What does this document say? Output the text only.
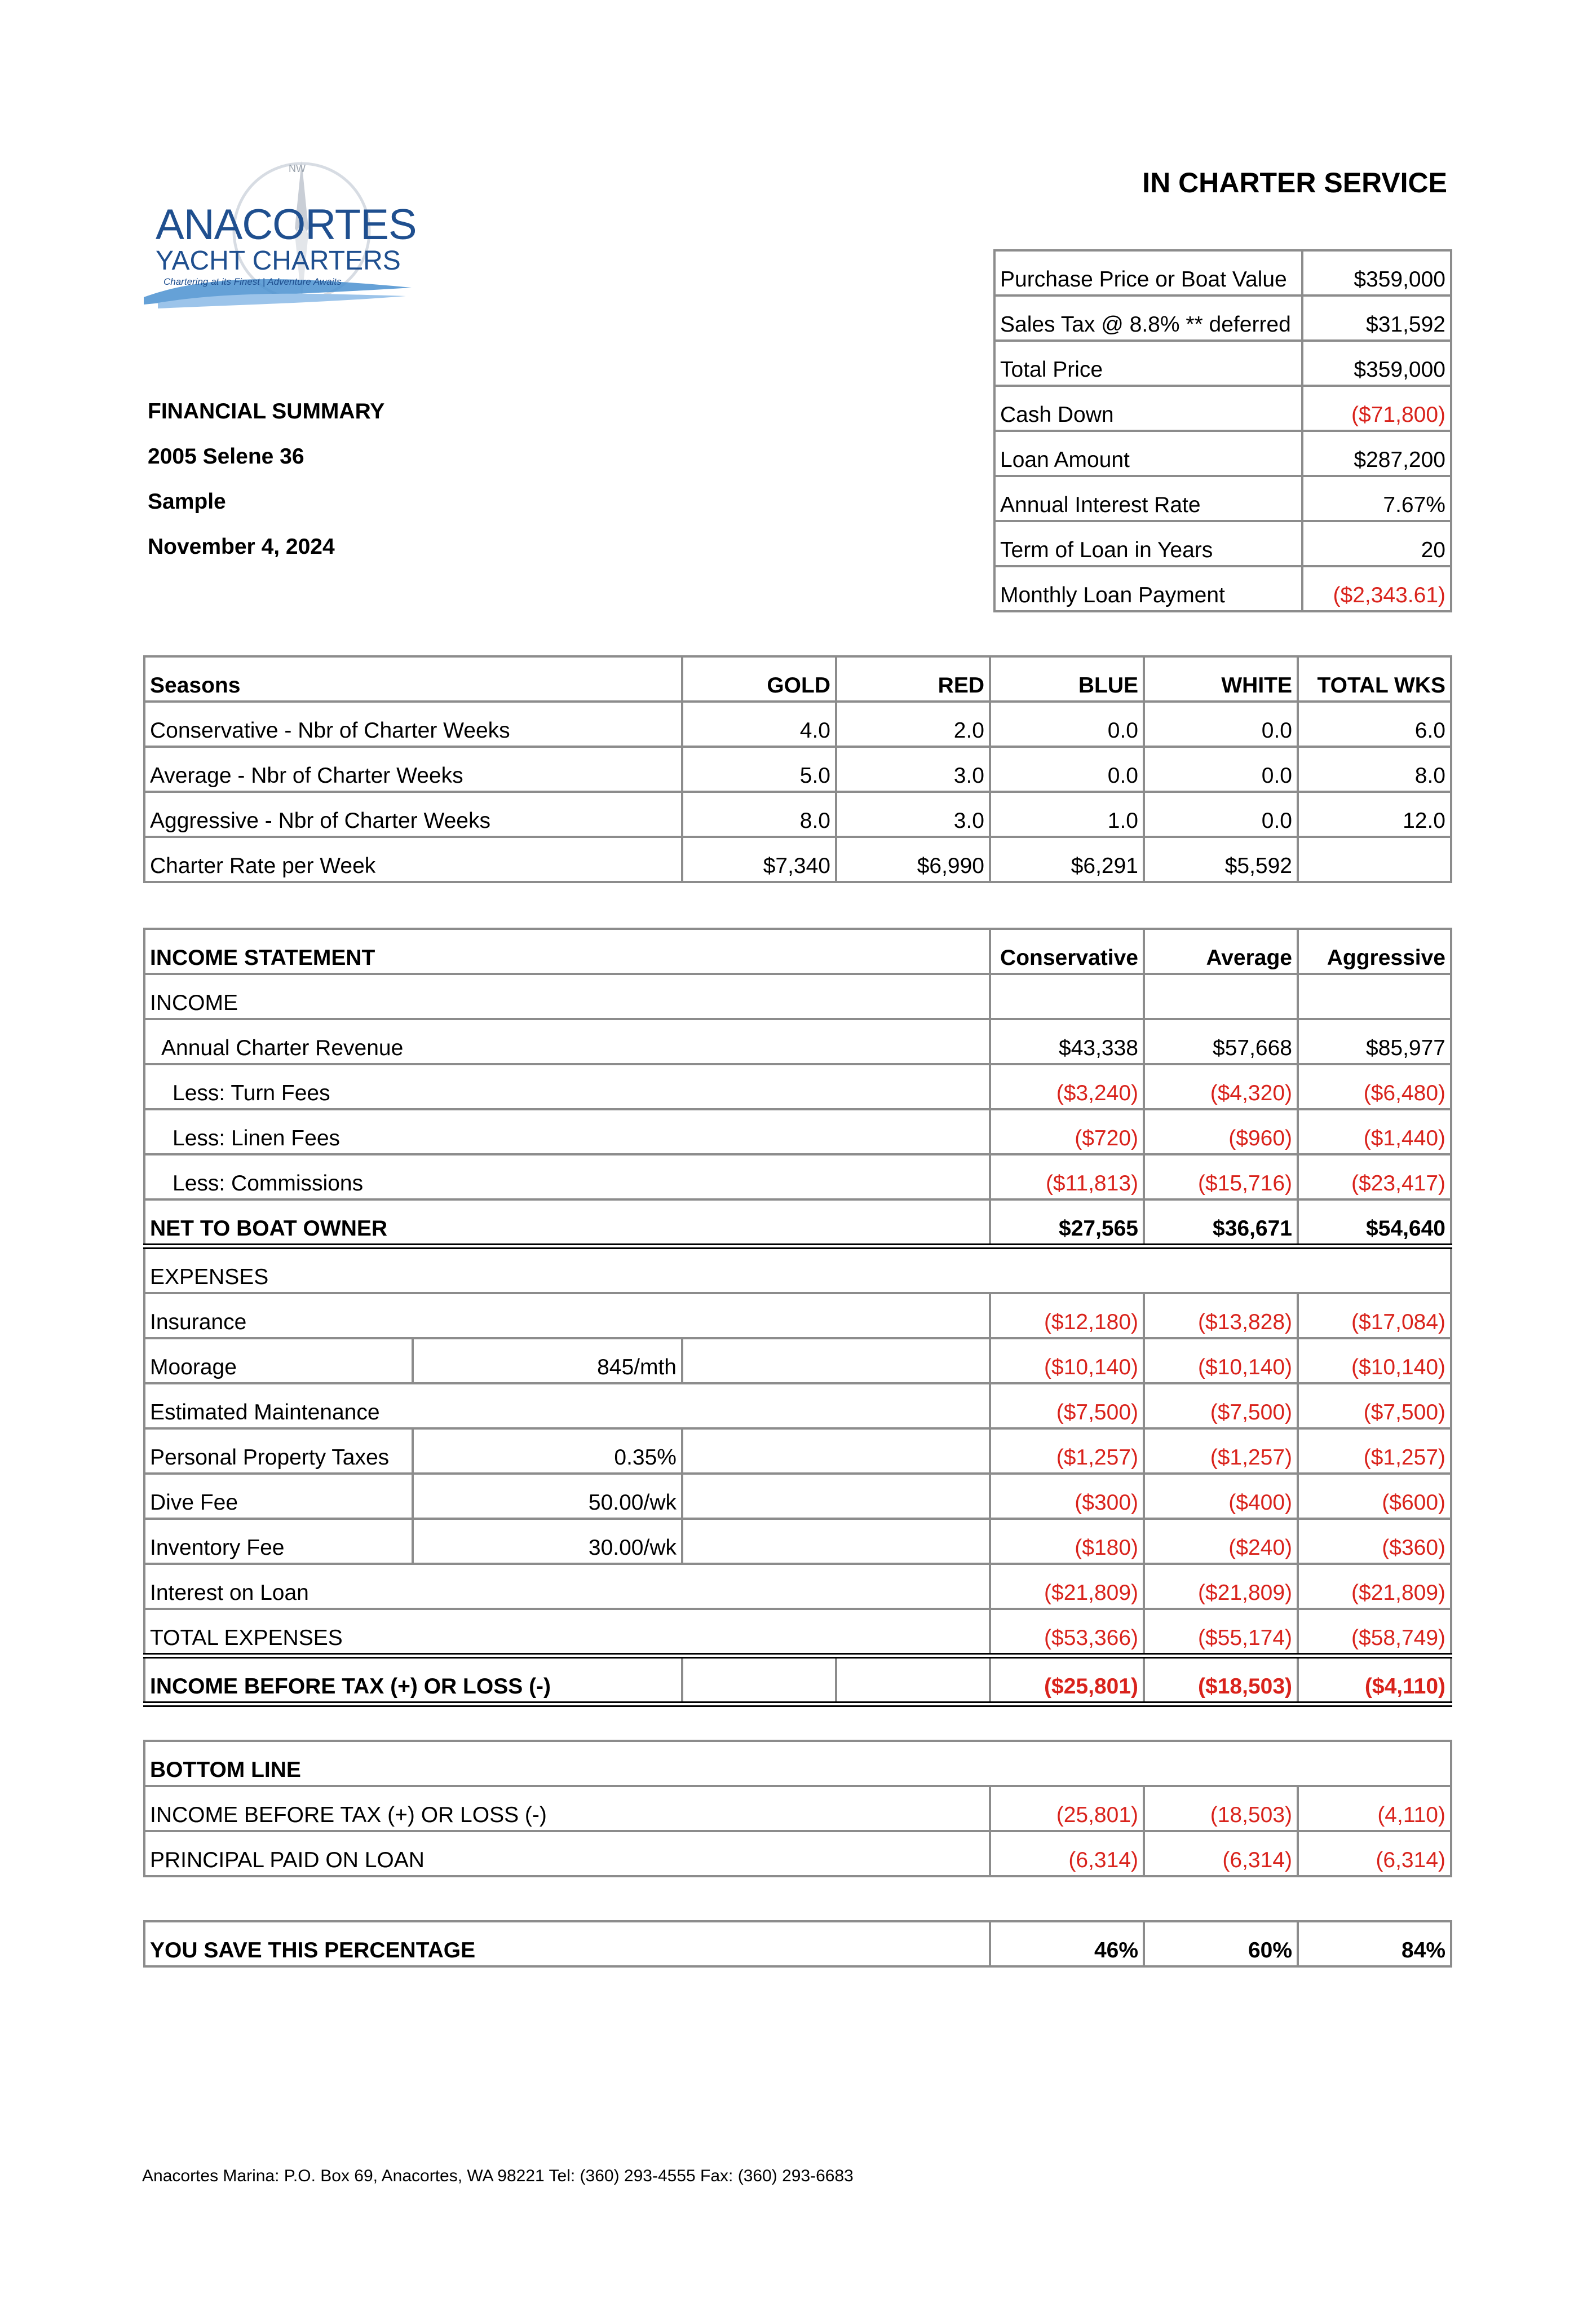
NW
ANACORTES
YACHT CHARTERS
Chartering at its Finest | Adventure Awaits
IN CHARTER SERVICE
FINANCIAL SUMMARY
2005 Selene 36
Sample
November 4, 2024
Purchase Price or Boat Value	$359,000
Sales Tax @ 8.8% ** deferred	$31,592
Total Price	$359,000
Cash Down	($71,800)
Loan Amount	$287,200
Annual Interest Rate	7.67%
Term of Loan in Years	20
Monthly Loan Payment	($2,343.61)
Seasons	GOLD	RED	BLUE	WHITE	TOTAL WKS
Conservative - Nbr of Charter Weeks	4.0	2.0	0.0	0.0	6.0
Average - Nbr of Charter Weeks	5.0	3.0	0.0	0.0	8.0
Aggressive - Nbr of Charter Weeks	8.0	3.0	1.0	0.0	12.0
Charter Rate per Week	$7,340	$6,990	$6,291	$5,592	
INCOME STATEMENT				Conservative	Average	Aggressive
INCOME						
Annual Charter Revenue				$43,338	$57,668	$85,977
Less: Turn Fees				($3,240)	($4,320)	($6,480)
Less: Linen Fees				($720)	($960)	($1,440)
Less: Commissions				($11,813)	($15,716)	($23,417)
NET TO BOAT OWNER				$27,565	$36,671	$54,640
EXPENSES						
Insurance				($12,180)	($13,828)	($17,084)
Moorage	845/mth			($10,140)	($10,140)	($10,140)
Estimated Maintenance				($7,500)	($7,500)	($7,500)
Personal Property Taxes	0.35%			($1,257)	($1,257)	($1,257)
Dive Fee	50.00/wk			($300)	($400)	($600)
Inventory Fee	30.00/wk			($180)	($240)	($360)
Interest on Loan				($21,809)	($21,809)	($21,809)
TOTAL EXPENSES				($53,366)	($55,174)	($58,749)
INCOME BEFORE TAX (+) OR LOSS (-)				($25,801)	($18,503)	($4,110)
BOTTOM LINE			
INCOME BEFORE TAX (+) OR LOSS (-)	(25,801)	(18,503)	(4,110)
PRINCIPAL PAID ON LOAN	(6,314)	(6,314)	(6,314)
YOU SAVE THIS PERCENTAGE	46%	60%	84%
Anacortes Marina: P.O. Box 69, Anacortes, WA 98221 Tel: (360) 293-4555 Fax: (360) 293-6683
